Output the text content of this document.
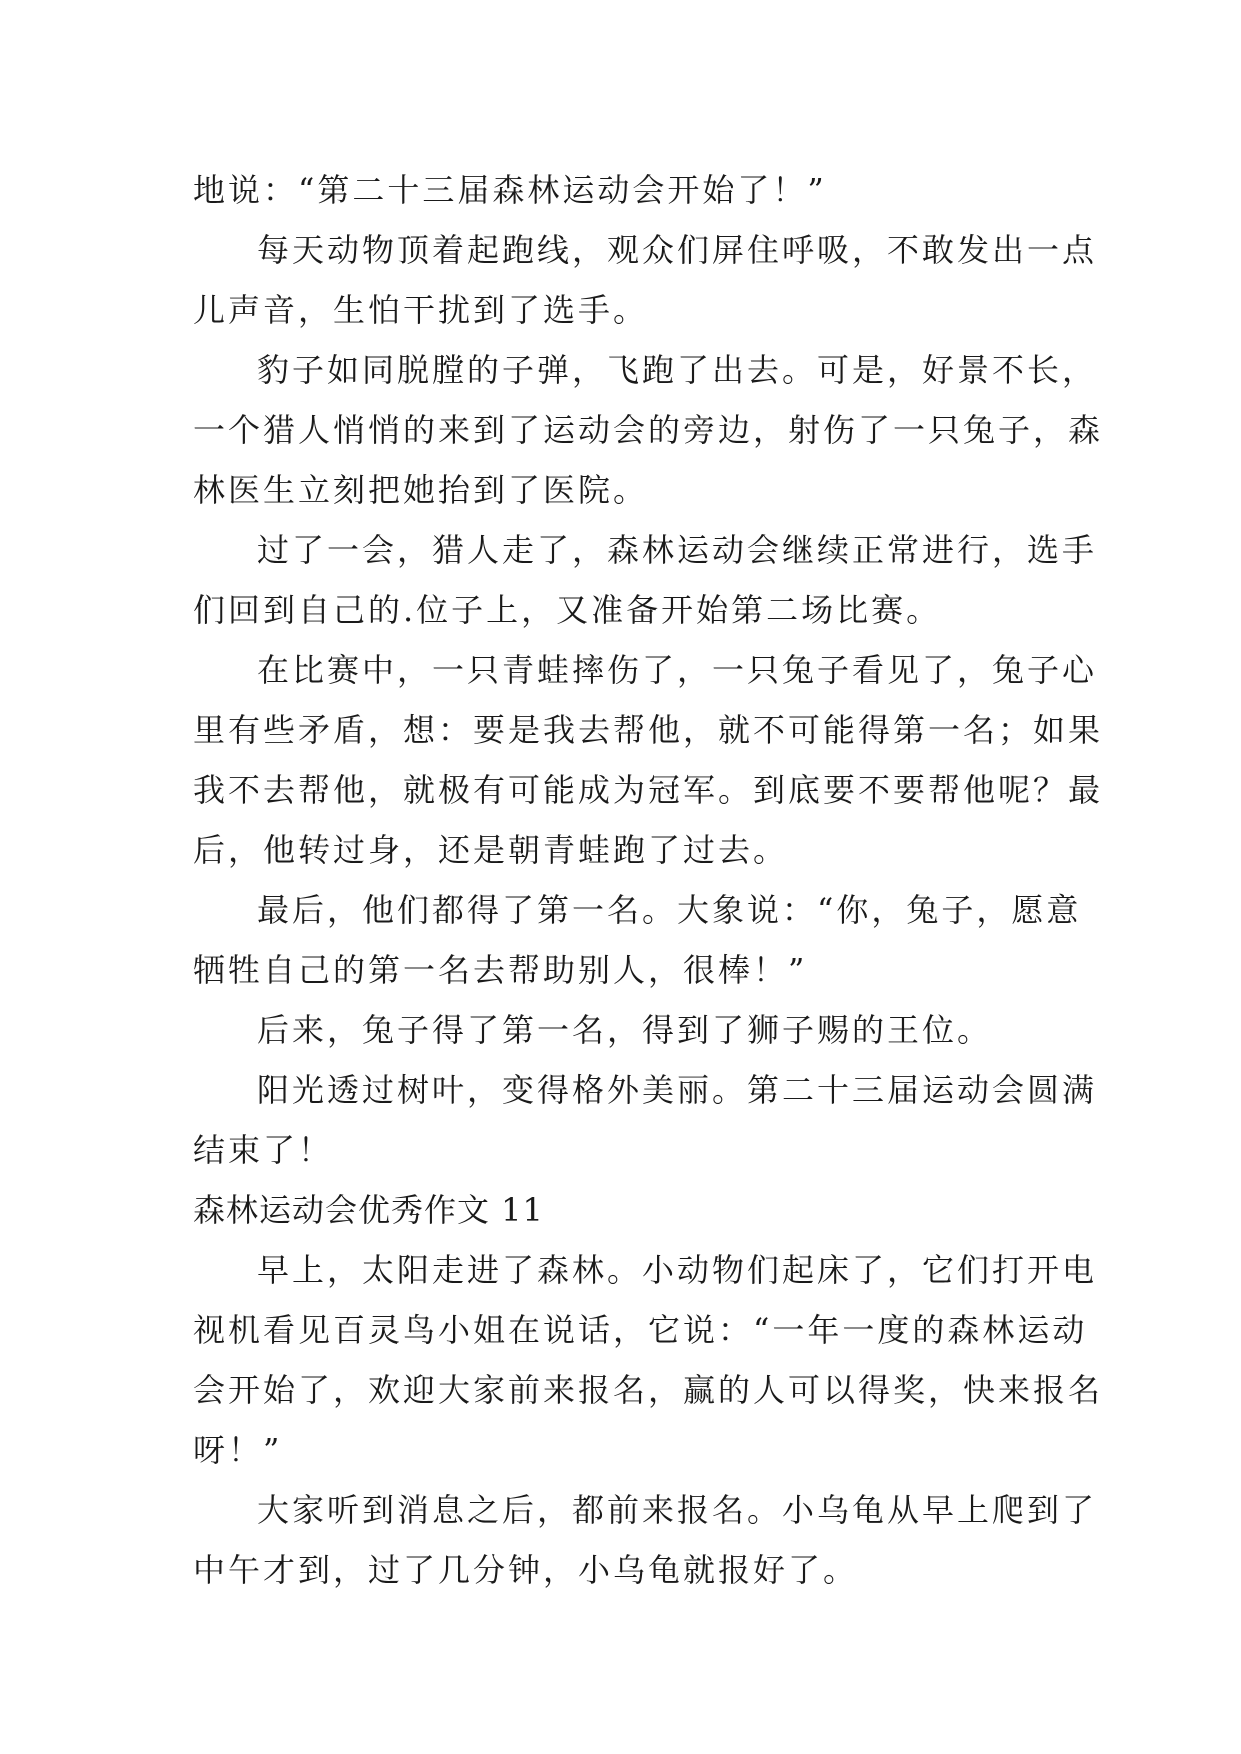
地说：“第二十三届森林运动会开始了！”

每天动物顶着起跑线，观众们屏住呼吸，不敢发出一点

儿声音，生怕干扰到了选手。

豹子如同脱膛的子弹，飞跑了出去。可是，好景不长，

一个猎人悄悄的来到了运动会的旁边，射伤了一只兔子，森

林医生立刻把她抬到了医院。

过了一会，猎人走了，森林运动会继续正常进行，选手

们回到自己的.位子上，又准备开始第二场比赛。

在比赛中，一只青蛙摔伤了，一只兔子看见了，兔子心

里有些矛盾，想：要是我去帮他，就不可能得第一名；如果

我不去帮他，就极有可能成为冠军。到底要不要帮他呢？最

后，他转过身，还是朝青蛙跑了过去。

最后，他们都得了第一名。大象说：“你，兔子，愿意

牺牲自己的第一名去帮助别人，很棒！”

后来，兔子得了第一名，得到了狮子赐的王位。

阳光透过树叶，变得格外美丽。第二十三届运动会圆满

结束了！

森林运动会优秀作文 11

早上，太阳走进了森林。小动物们起床了，它们打开电

视机看见百灵鸟小姐在说话，它说：“一年一度的森林运动

会开始了，欢迎大家前来报名，赢的人可以得奖，快来报名

呀！”

大家听到消息之后，都前来报名。小乌龟从早上爬到了

中午才到，过了几分钟，小乌龟就报好了。
